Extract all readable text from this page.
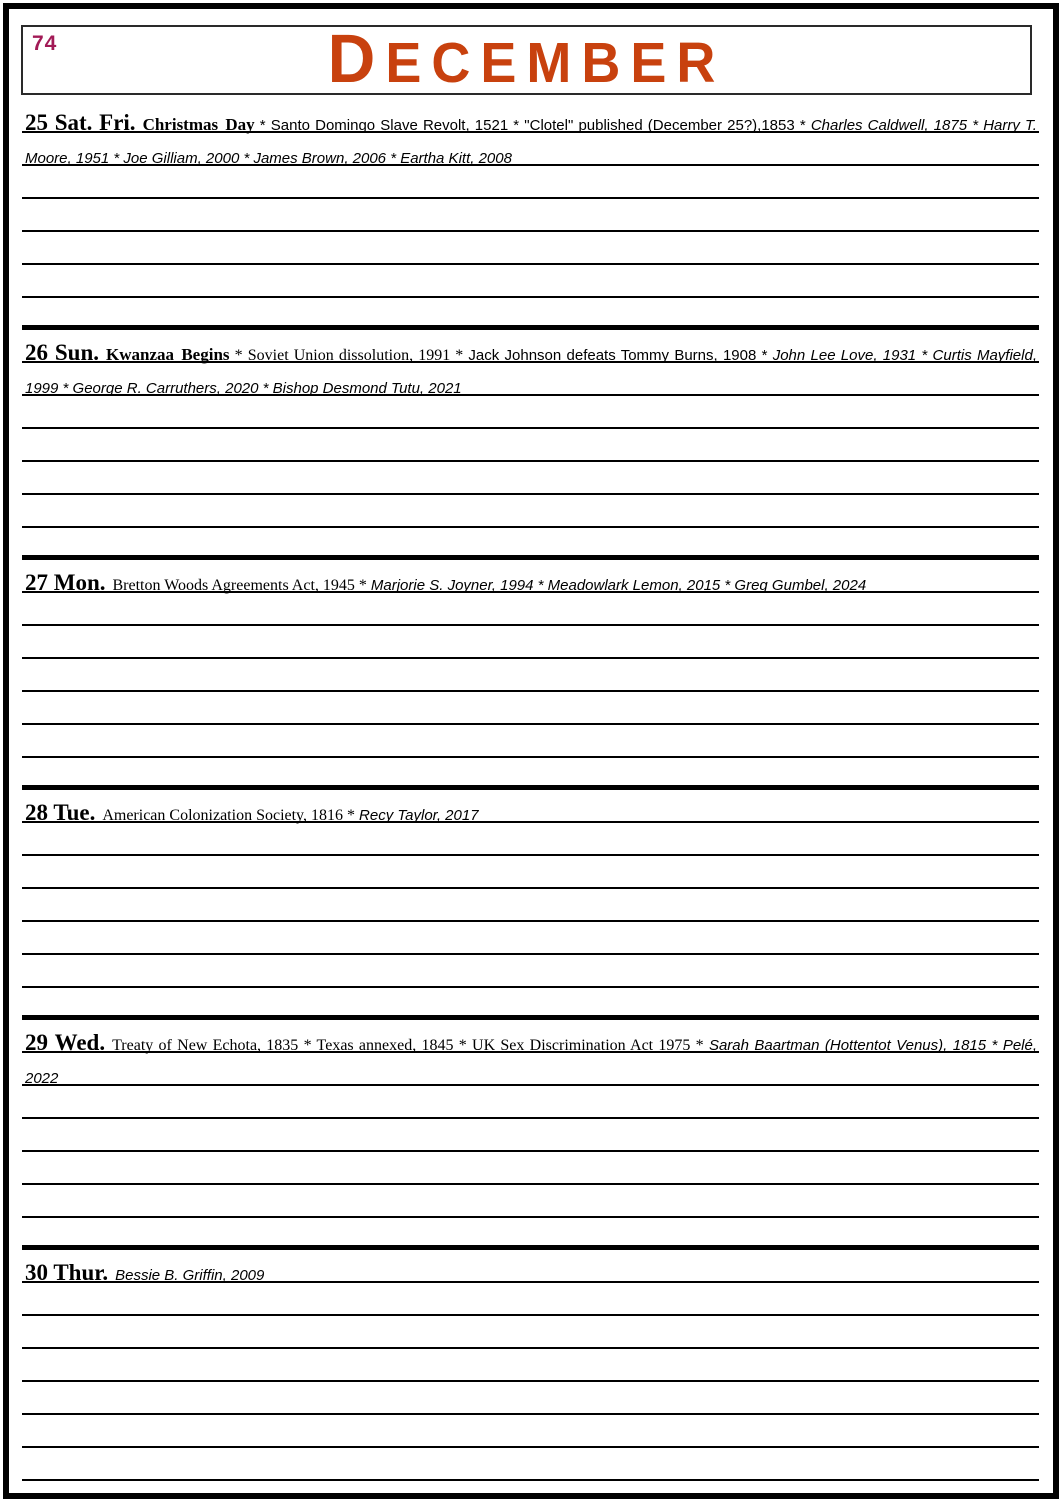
74	DECEMBER

25 Sat. Fri. Christmas Day * Santo Domingo Slave Revolt, 1521 * "Clotel" published (December 25?),1853 * Charles Caldwell, 1875 * Harry T. Moore, 1951 * Joe Gilliam, 2000 * James Brown, 2006 * Eartha Kitt, 2008

26 Sun. Kwanzaa Begins * Soviet Union dissolution, 1991 * Jack Johnson defeats Tommy Burns, 1908 * John Lee Love, 1931 * Curtis Mayfield, 1999 * George R. Carruthers, 2020 * Bishop Desmond Tutu, 2021

27 Mon. Bretton Woods Agreements Act, 1945 * Marjorie S. Joyner, 1994 * Meadowlark Lemon, 2015 * Greg Gumbel, 2024

28 Tue. American Colonization Society, 1816 * Recy Taylor, 2017

29 Wed. Treaty of New Echota, 1835 * Texas annexed, 1845 * UK Sex Discrimination Act 1975 * Sarah Baartman (Hottentot Venus), 1815 * Pelé, 2022

30 Thur. Bessie B. Griffin, 2009
